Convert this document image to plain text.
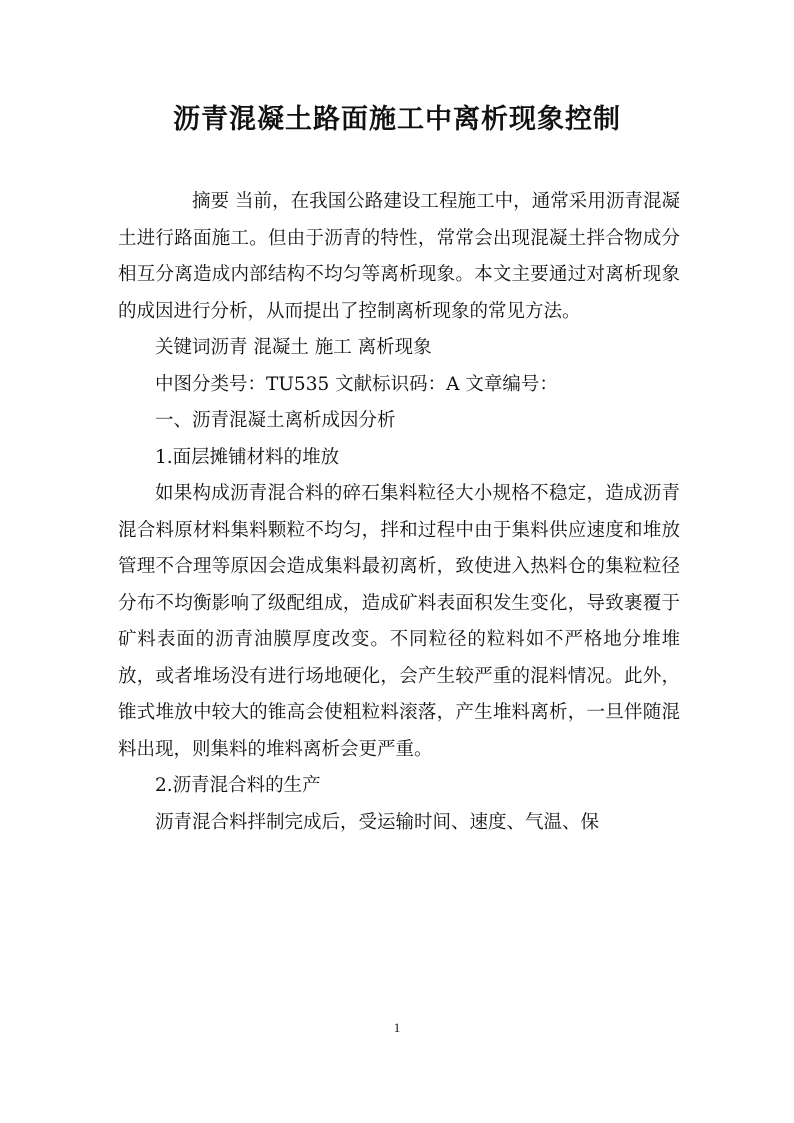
沥青混凝土路面施工中离析现象控制

摘要 当前，在我国公路建设工程施工中，通常采用沥青混凝土进行路面施工。但由于沥青的特性，常常会出现混凝土拌合物成分相互分离造成内部结构不均匀等离析现象。本文主要通过对离析现象的成因进行分析，从而提出了控制离析现象的常见方法。

关键词沥青 混凝土 施工 离析现象

中图分类号：TU535 文献标识码：A 文章编号：

一、沥青混凝土离析成因分析

1.面层摊铺材料的堆放

如果构成沥青混合料的碎石集料粒径大小规格不稳定，造成沥青混合料原材料集料颗粒不均匀，拌和过程中由于集料供应速度和堆放管理不合理等原因会造成集料最初离析，致使进入热料仓的集粒粒径分布不均衡影响了级配组成，造成矿料表面积发生变化，导致裹覆于矿料表面的沥青油膜厚度改变。不同粒径的粒料如不严格地分堆堆放，或者堆场没有进行场地硬化，会产生较严重的混料情况。此外，锥式堆放中较大的锥高会使粗粒料滚落，产生堆料离析，一旦伴随混料出现，则集料的堆料离析会更严重。

2.沥青混合料的生产

沥青混合料拌制完成后，受运输时间、速度、气温、保

1
